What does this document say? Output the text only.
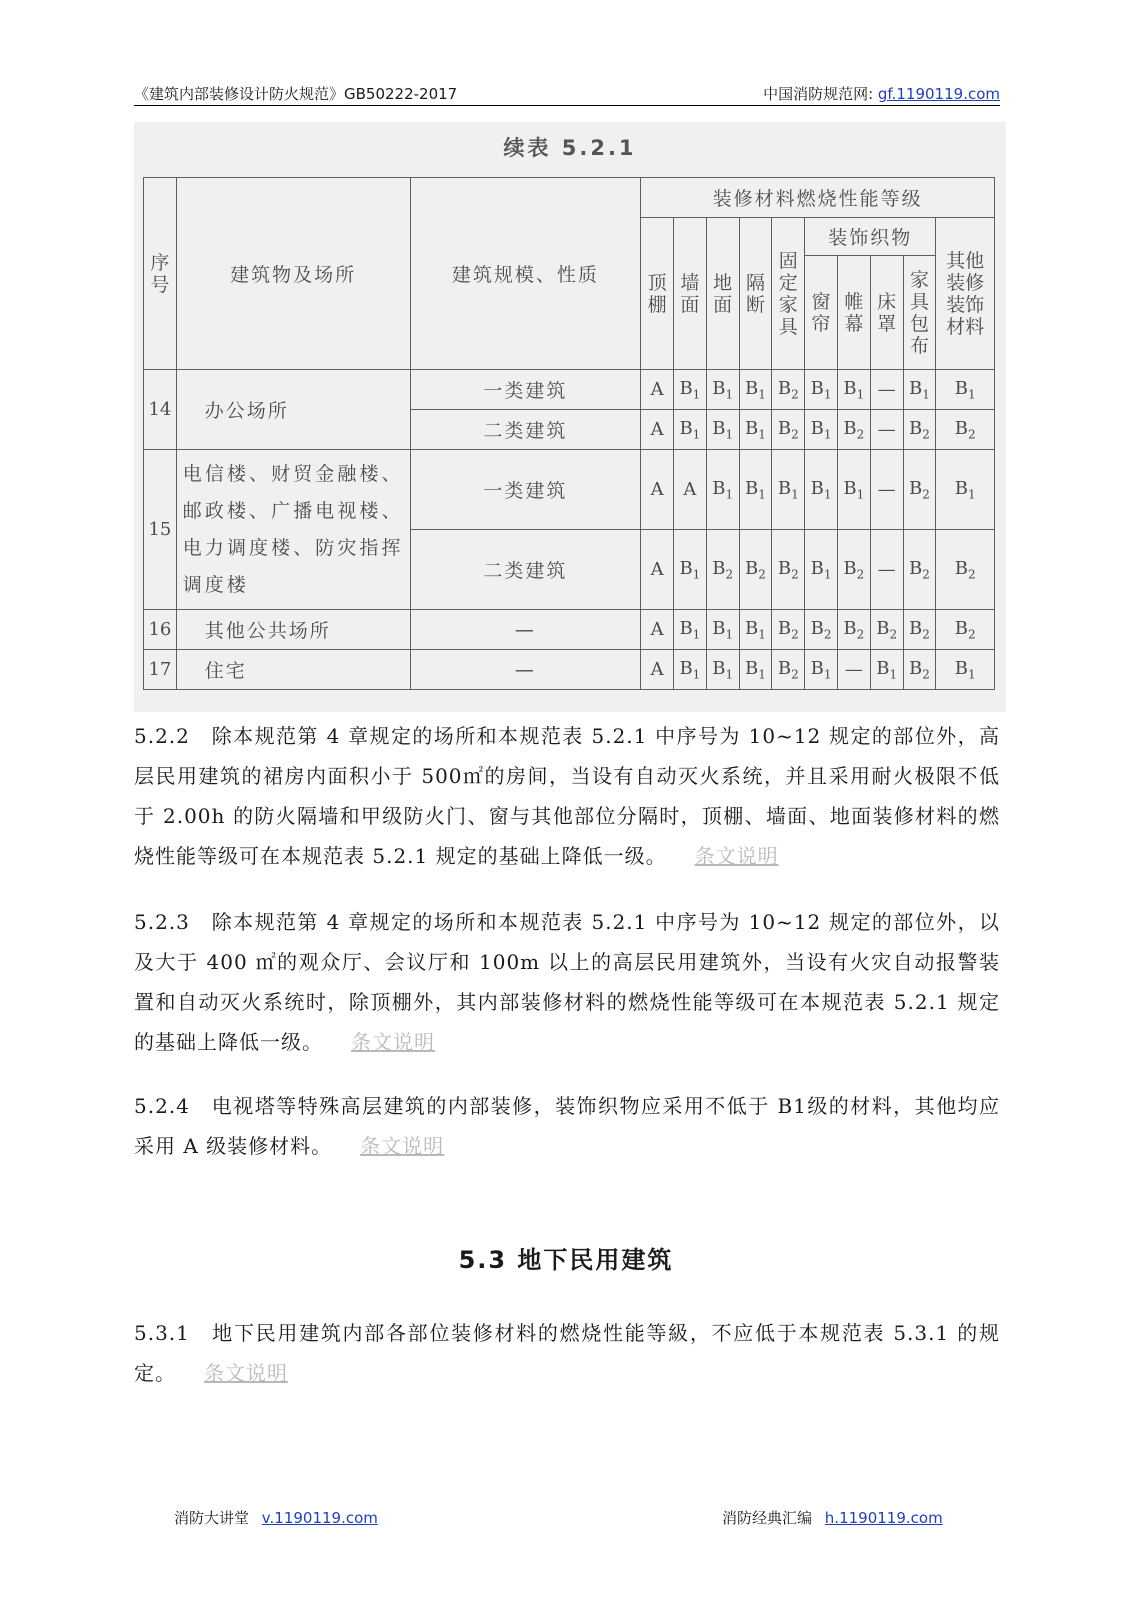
《建筑内部装修设计防火规范》GB50222-2017	中国消防规范网: gf.1190119.com
续表 5.2.1
序号	建筑物及场所	建筑规模、性质	装修材料燃烧性能等级									
			顶棚	墙面	地面	隔断	固定家具	装饰织物				其他装修装饰材料
								窗帘	帷幕	床罩	家具包布	
14	办公场所	一类建筑	A	$B_1$	$B_1$	$B_1$	$B_2$	$B_1$	$B_1$	—	$B_1$	$B_1$
		二类建筑	A	$B_1$	$B_1$	$B_1$	$B_2$	$B_1$	$B_2$	—	$B_2$	$B_2$
15	电信楼、财贸金融楼、邮政楼、广播电视楼、电力调度楼、防灾指挥调度楼	一类建筑	A	A	$B_1$	$B_1$	$B_1$	$B_1$	$B_1$	—	$B_2$	$B_1$
		二类建筑	A	$B_1$	$B_2$	$B_2$	$B_2$	$B_1$	$B_2$	—	$B_2$	$B_2$
16	其他公共场所	—	A	$B_1$	$B_1$	$B_1$	$B_2$	$B_2$	$B_2$	$B_2$	$B_2$	$B_2$
17	住宅	—	A	$B_1$	$B_1$	$B_1$	$B_2$	$B_1$	—	$B_1$	$B_2$	$B_1$
5.2.2　除本规范第 4 章规定的场所和本规范表 5.2.1 中序号为 10~12 规定的部位外，高层民用建筑的裙房内面积小于 500㎡的房间，当设有自动灭火系统，并且采用耐火极限不低于 2.00h 的防火隔墙和甲级防火门、窗与其他部位分隔时，顶棚、墙面、地面装修材料的燃烧性能等级可在本规范表 5.2.1 规定的基础上降低一级。 条文说明
5.2.3　除本规范第 4 章规定的场所和本规范表 5.2.1 中序号为 10~12 规定的部位外，以及大于 400 ㎡的观众厅、会议厅和 100m 以上的高层民用建筑外，当设有火灾自动报警装置和自动灭火系统时，除顶棚外，其内部装修材料的燃烧性能等级可在本规范表 5.2.1 规定的基础上降低一级。 条文说明
5.2.4　电视塔等特殊高层建筑的内部装修，装饰织物应采用不低于 B1级的材料，其他均应采用 A 级装修材料。 条文说明
5.3 地下民用建筑
5.3.1　地下民用建筑内部各部位装修材料的燃烧性能等級，不应低于本规范表 5.3.1 的规定。 条文说明
消防大讲堂 v.1190119.com	消防经典汇编 h.1190119.com
